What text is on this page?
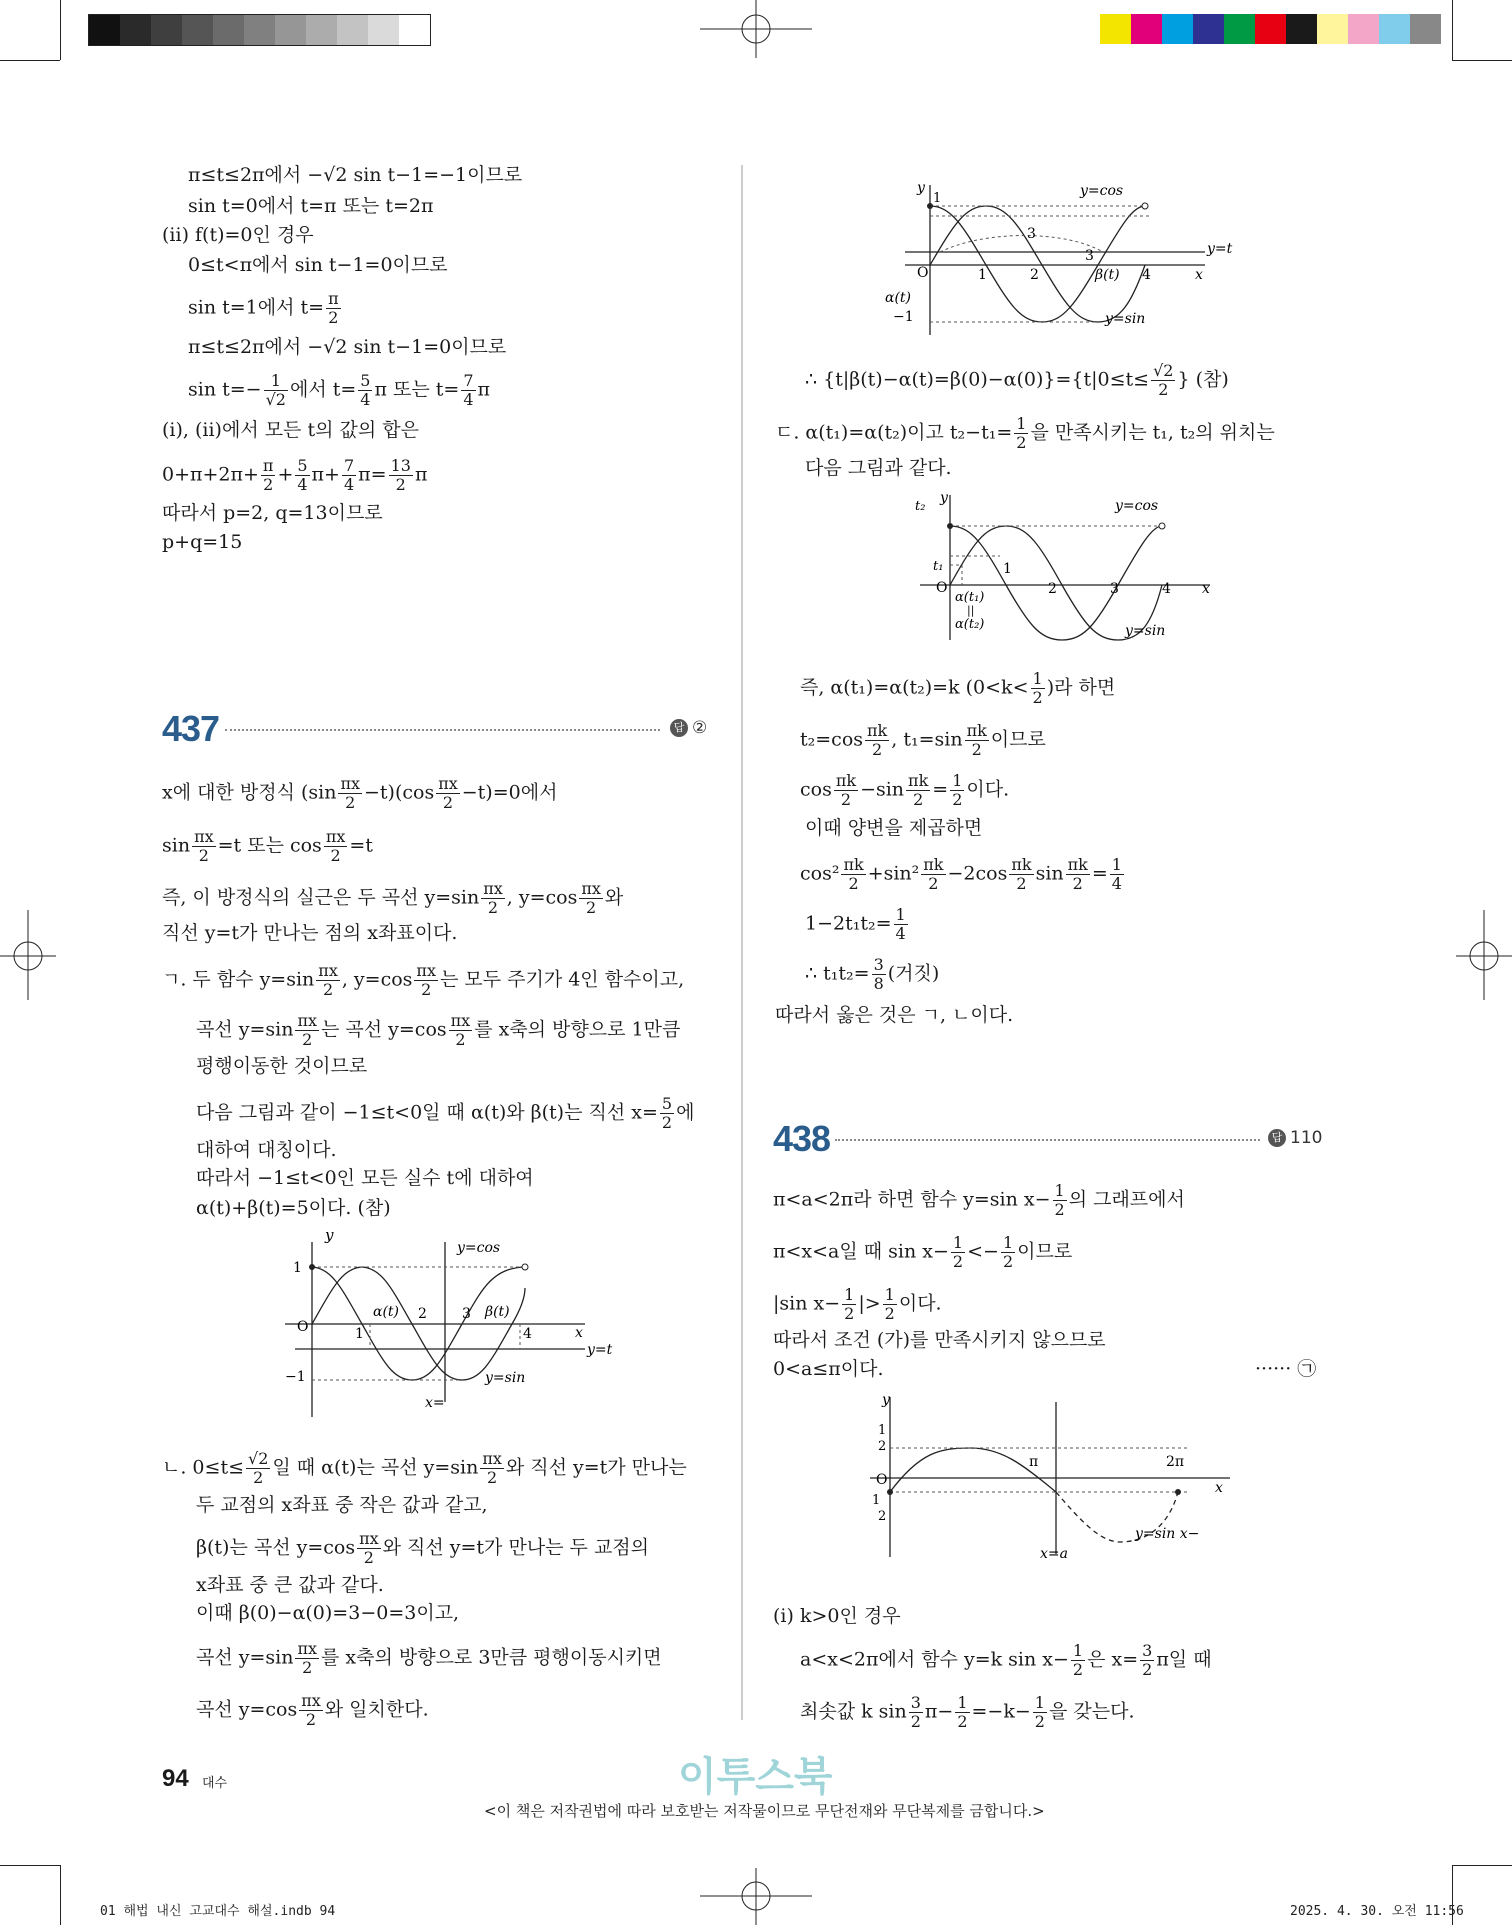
π≤t≤2π에서 −√2 sin t−1=−1이므로
sin t=0에서 t=π 또는 t=2π
(ii) f(t)=0인 경우
0≤t<π에서 sin t−1=0이므로
sin t=1에서 $t= \frac{\pi}{2}$
π≤t≤2π에서 −√2 sin t−1=0이므로
$\sin t=- \frac{1}{√2}$ 에서 $t= \frac{5}{4}$ π 또는 $t= \frac{7}{4}$ π
(i), (ii)에서 모든 t의 값의 합은
$0+\pi+2\pi+ \frac{\pi}{2} + \frac{5}{4} \pi+ \frac{7}{4} \pi= \frac{13}{2}$ π
따라서 p=2, q=13이므로
p+q=15
437	답 ②
x에 대한 방정식 $(\sin \frac{\pi x}{2} -t)(\cos \frac{\pi x}{2} -t)=0$에서
$\sin \frac{\pi x}{2} =t$ 또는 $\cos \frac{\pi x}{2} =t$
즉, 이 방정식의 실근은 두 곡선 $y=\sin \frac{\pi x}{2}$ , $y=\cos \frac{\pi x}{2}$ 와
직선 y=t가 만나는 점의 x좌표이다.
ㄱ. 두 함수 $y=\sin \frac{\pi x}{2}$ , $y=\cos \frac{\pi x}{2}$ 는 모두 주기가 4인 함수이고,
곡선 $y=\sin \frac{\pi x}{2}$ 는 곡선 $y=\cos \frac{\pi x}{2}$ 를 x축의 방향으로 1만큼
평행이동한 것이므로
다음 그림과 같이 −1≤t<0일 때 α(t)와 β(t)는 직선 $x= \frac{5}{2}$ 에
대하여 대칭이다.
따라서 −1≤t<0인 모든 실수 t에 대하여
α(t)+β(t)=5이다. (참)
y
1
O
−1
1
2	3
4	x
y=t
α(t)	β(t)
y=cos
y=sin
x=
ㄴ. $0\le t\le \frac{√2}{2}$ 일 때 α(t)는 곡선 $y=\sin \frac{\pi x}{2}$ 와 직선 y=t가 만나는
두 교점의 x좌표 중 작은 값과 같고,
β(t)는 곡선 $y=\cos \frac{\pi x}{2}$ 와 직선 y=t가 만나는 두 교점의
x좌표 중 큰 값과 같다.
이때 β(0)−α(0)=3−0=3이고,
곡선 $y=\sin \frac{\pi x}{2}$ 를 x축의 방향으로 3만큼 평행이동시키면
곡선 $y=\cos \frac{\pi x}{2}$ 와 일치한다.
y
1
O	1	2
3
3
4	x
y=t
α(t)
−1
β(t)
y=cos
y=sin
∴ $\{t|\beta(t)-\alpha(t)=\beta(0)-\alpha(0)\}=\{t|0\le t\le \frac{√2}{2}$ } (참)
ㄷ. α(t₁)=α(t₂)이고 $t_2-t_1= \frac{1}{2}$ 을 만족시키는 t₁, t₂의 위치는
다음 그림과 같다.
y
t₂
t₁
O
1
2	3	4 x
α(t₁)
||
α(t₂)
y=cos
y=sin
즉, α(t₁)=α(t₂)=k ($0<k< \frac{1}{2}$ )라 하면
$t_2=\cos \frac{\pi k}{2}$ , $t_1=\sin \frac{\pi k}{2}$ 이므로
$\cos \frac{\pi k}{2} -\sin \frac{\pi k}{2} = \frac{1}{2}$ 이다.
이때 양변을 제곱하면
$\cos^2 \frac{\pi k}{2} +\sin^2 \frac{\pi k}{2} -2\cos \frac{\pi k}{2}$ $\sin \frac{\pi k}{2} = \frac{1}{4}$
$1-2t_1t_2= \frac{1}{4}$
∴ $t_1t_2= \frac{3}{8}$ (거짓)
따라서 옳은 것은 ㄱ, ㄴ이다.
438	답 110
π<a<2π라 하면 함수 y=sin $x- \frac{1}{2}$ 의 그래프에서
π<x<a일 때 $\sin x- \frac{1}{2} <- \frac{1}{2}$ 이므로
|sin $x- \frac{1}{2}$ |> $\frac{1}{2}$ 이다.
따라서 조건 (가)를 만족시키지 않으므로
0<a≤π이다.	······ ㉠
y
1
2
O
1
2
π	2π
x
x=a
y=sin x−
(i) k>0인 경우
a<x<2π에서 함수 y=k $\sin x- \frac{1}{2}$ 은 $x= \frac{3}{2}$ π일 때
최솟값 k $\sin \frac{3}{2} \pi- \frac{1}{2} =-k- \frac{1}{2}$ 을 갖는다.
94 대수	이투스북
<이 책은 저작권법에 따라 보호받는 저작물이므로 무단전재와 무단복제를 금합니다.>
01 해법 내신 고교대수 해설.indb 94	2025. 4. 30. 오전 11:56
